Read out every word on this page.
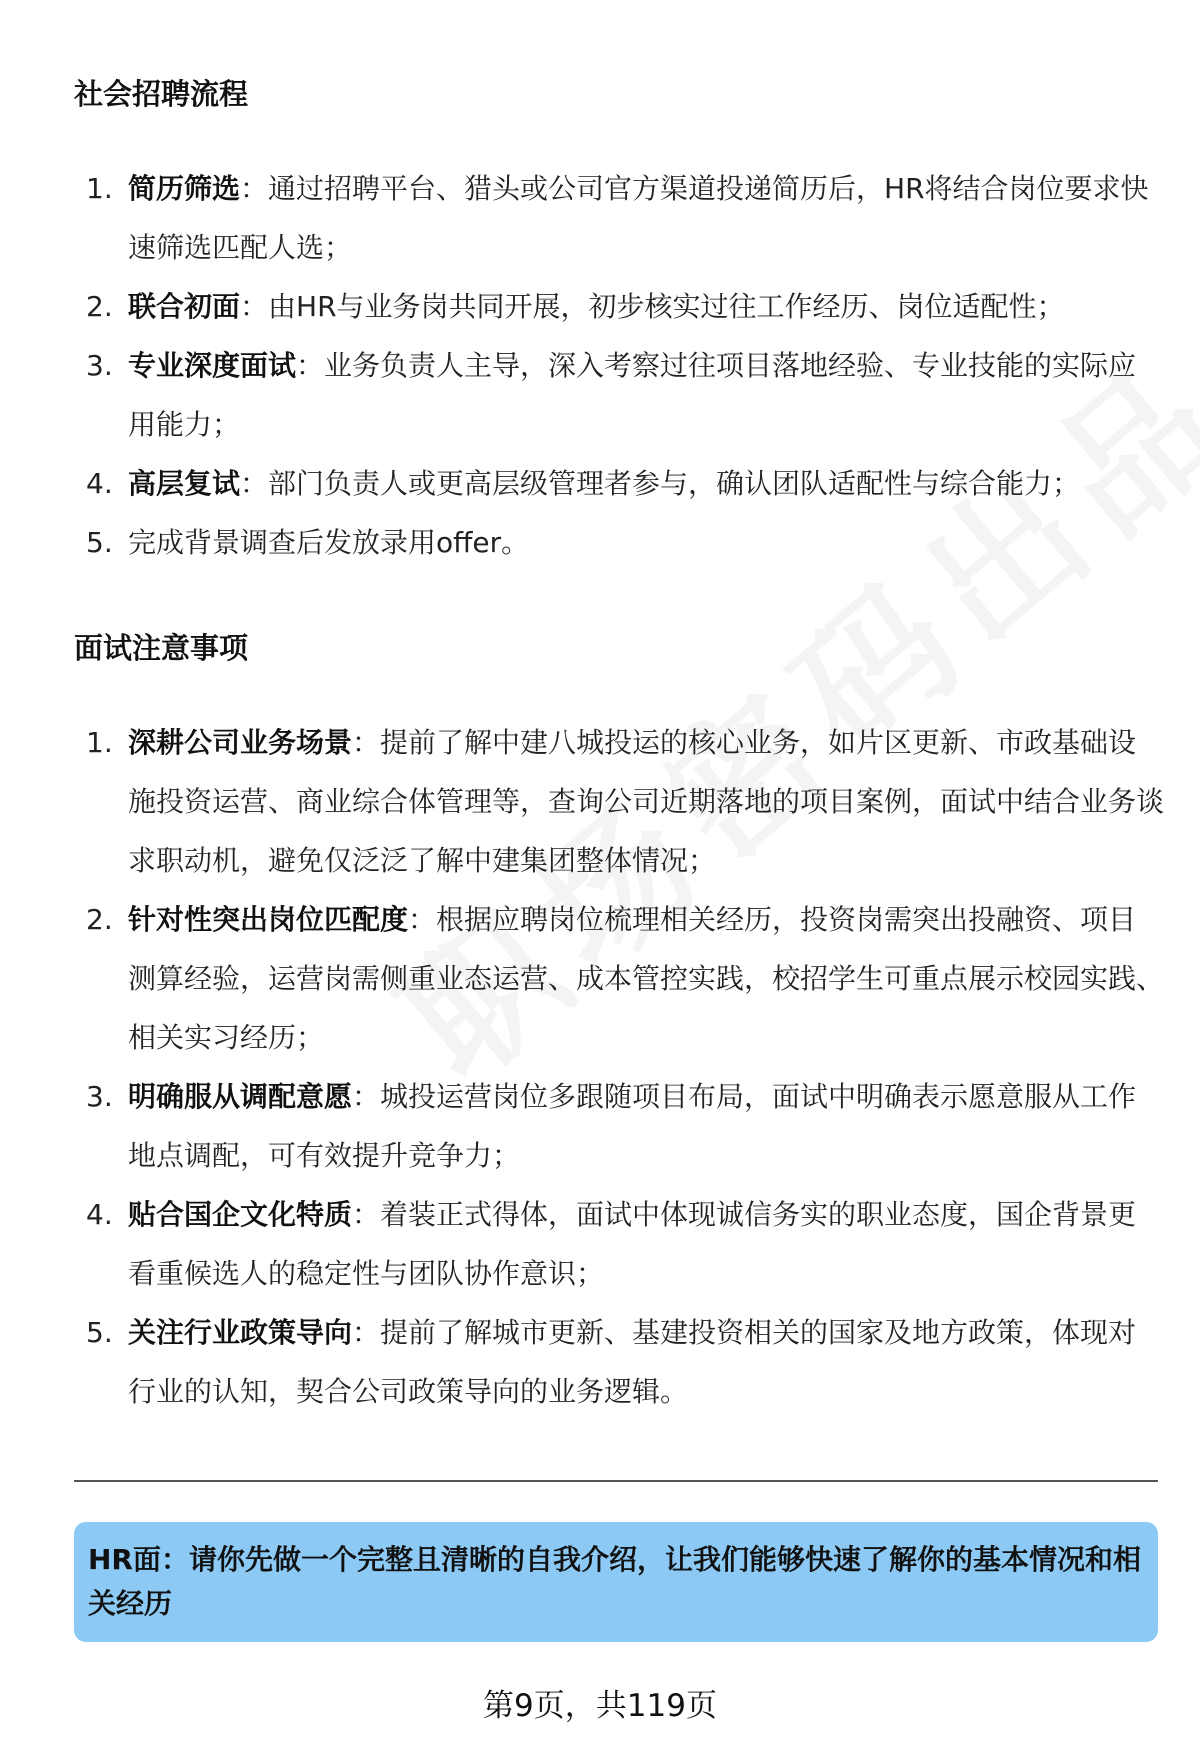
社会招聘流程
1. 简历筛选：通过招聘平台、猎头或公司官方渠道投递简历后，HR将结合岗位要求快速筛选匹配人选；
2. 联合初面：由HR与业务岗共同开展，初步核实过往工作经历、岗位适配性；
3. 专业深度面试：业务负责人主导，深入考察过往项目落地经验、专业技能的实际应用能力；
4. 高层复试：部门负责人或更高层级管理者参与，确认团队适配性与综合能力；
5. 完成背景调查后发放录用offer。
面试注意事项
1. 深耕公司业务场景：提前了解中建八城投运的核心业务，如片区更新、市政基础设施投资运营、商业综合体管理等，查询公司近期落地的项目案例，面试中结合业务谈求职动机，避免仅泛泛了解中建集团整体情况；
2. 针对性突出岗位匹配度：根据应聘岗位梳理相关经历，投资岗需突出投融资、项目测算经验，运营岗需侧重业态运营、成本管控实践，校招学生可重点展示校园实践、相关实习经历；
3. 明确服从调配意愿：城投运营岗位多跟随项目布局，面试中明确表示愿意服从工作地点调配，可有效提升竞争力；
4. 贴合国企文化特质：着装正式得体，面试中体现诚信务实的职业态度，国企背景更看重候选人的稳定性与团队协作意识；
5. 关注行业政策导向：提前了解城市更新、基建投资相关的国家及地方政策，体现对行业的认知，契合公司政策导向的业务逻辑。
HR面：请你先做一个完整且清晰的自我介绍，让我们能够快速了解你的基本情况和相关经历
第9页，共119页
